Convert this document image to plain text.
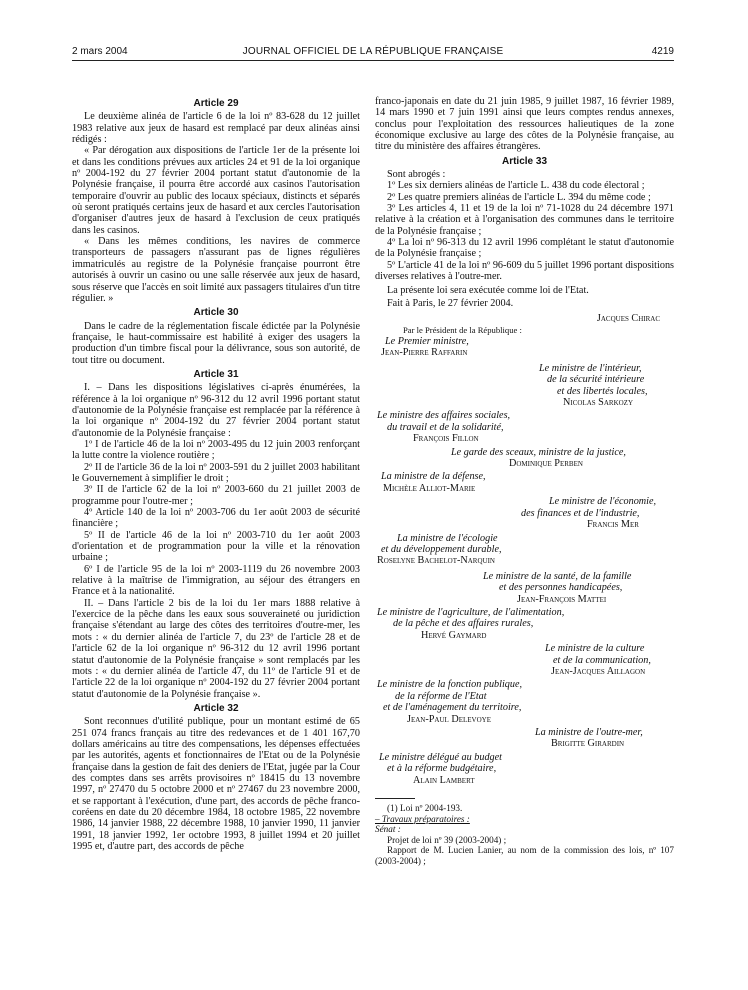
2 mars 2004	JOURNAL OFFICIEL DE LA RÉPUBLIQUE FRANÇAISE	4219
Article 29

Le deuxième alinéa de l'article 6 de la loi nº 83-628 du 12 juillet 1983 relative aux jeux de hasard est remplacé par deux alinéas ainsi rédigés :

« Par dérogation aux dispositions de l'article 1er de la présente loi et dans les conditions prévues aux articles 24 et 91 de la loi organique nº 2004-192 du 27 février 2004 portant statut d'autonomie de la Polynésie française, il pourra être accordé aux casinos l'autorisation temporaire d'ouvrir au public des locaux spéciaux, distincts et séparés où seront pratiqués certains jeux de hasard et aux cercles l'autorisation d'organiser d'autres jeux de hasard à l'exclusion de ceux pratiqués dans les casinos.

« Dans les mêmes conditions, les navires de commerce transporteurs de passagers n'assurant pas de lignes régulières immatriculés au registre de la Polynésie française pourront être autorisés à ouvrir un casino ou une salle réservée aux jeux de hasard, sous réserve que l'accès en soit limité aux passagers titulaires d'un titre régulier. »

Article 30

Dans le cadre de la réglementation fiscale édictée par la Polynésie française, le haut-commissaire est habilité à exiger des usagers la production d'un timbre fiscal pour la délivrance, sous son autorité, de tout titre ou document.

Article 31

I. – Dans les dispositions législatives ci-après énumérées, la référence à la loi organique nº 96-312 du 12 avril 1996 portant statut d'autonomie de la Polynésie française est remplacée par la référence à la loi organique nº 2004-192 du 27 février 2004 portant statut d'autonomie de la Polynésie française :

1º I de l'article 46 de la loi nº 2003-495 du 12 juin 2003 renforçant la lutte contre la violence routière ;

2º II de l'article 36 de la loi nº 2003-591 du 2 juillet 2003 habilitant le Gouvernement à simplifier le droit ;

3º II de l'article 62 de la loi nº 2003-660 du 21 juillet 2003 de programme pour l'outre-mer ;

4º Article 140 de la loi nº 2003-706 du 1er août 2003 de sécurité financière ;

5º II de l'article 46 de la loi nº 2003-710 du 1er août 2003 d'orientation et de programmation pour la ville et la rénovation urbaine ;

6º I de l'article 95 de la loi nº 2003-1119 du 26 novembre 2003 relative à la maîtrise de l'immigration, au séjour des étrangers en France et à la nationalité.

II. – Dans l'article 2 bis de la loi du 1er mars 1888 relative à l'exercice de la pêche dans les eaux sous souveraineté ou juridiction française s'étendant au large des côtes des territoires d'outre-mer, les mots : « du dernier alinéa de l'article 7, du 23º de l'article 28 et de l'article 62 de la loi organique nº 96-312 du 12 avril 1996 portant statut d'autonomie de la Polynésie française » sont remplacés par les mots : « du dernier alinéa de l'article 47, du 11º de l'article 91 et de l'article 22 de la loi organique nº 2004-192 du 27 février 2004 portant statut d'autonomie de la Polynésie française ».

Article 32

Sont reconnues d'utilité publique, pour un montant estimé de 65 251 074 francs français au titre des redevances et de 1 401 167,70 dollars américains au titre des compensations, les dépenses effectuées par les autorités, agents et fonctionnaires de l'Etat ou de la Polynésie française dans la gestion de fait des deniers de l'Etat, jugée par la Cour des comptes dans ses arrêts provisoires nº 18415 du 13 novembre 1997, nº 27470 du 5 octobre 2000 et nº 27467 du 23 novembre 2000, et se rapportant à l'exécution, d'une part, des accords de pêche franco-coréens en date du 20 décembre 1984, 18 octobre 1985, 22 novembre 1986, 14 janvier 1988, 22 décembre 1988, 10 janvier 1990, 11 janvier 1991, 18 janvier 1992, 1er octobre 1993, 8 juillet 1994 et 20 juillet 1995 et, d'autre part, des accords de pêche

franco-japonais en date du 21 juin 1985, 9 juillet 1987, 16 février 1989, 14 mars 1990 et 7 juin 1991 ainsi que leurs comptes rendus annexes, conclus pour l'exploitation des ressources halieutiques de la zone économique exclusive au large des côtes de la Polynésie française, au titre du ministère des affaires étrangères.

Article 33

Sont abrogés :

1º Les six derniers alinéas de l'article L. 438 du code électoral ;

2º Les quatre premiers alinéas de l'article L. 394 du même code ;

3º Les articles 4, 11 et 19 de la loi nº 71-1028 du 24 décembre 1971 relative à la création et à l'organisation des communes dans le territoire de la Polynésie française ;

4º La loi nº 96-313 du 12 avril 1996 complétant le statut d'autonomie de la Polynésie française ;

5º L'article 41 de la loi nº 96-609 du 5 juillet 1996 portant dispositions diverses relatives à l'outre-mer.

La présente loi sera exécutée comme loi de l'Etat.

Fait à Paris, le 27 février 2004.

Jacques Chirac
Par le Président de la République :
Le Premier ministre,
Jean-Pierre Raffarin
Le ministre de l'intérieur,
de la sécurité intérieure
et des libertés locales,
Nicolas Sarkozy
Le ministre des affaires sociales,
du travail et de la solidarité,
François Fillon
Le garde des sceaux, ministre de la justice,
Dominique Perben
La ministre de la défense,
Michèle Alliot-Marie
Le ministre de l'économie,
des finances et de l'industrie,
Francis Mer
La ministre de l'écologie
et du développement durable,
Roselyne Bachelot-Narquin
Le ministre de la santé, de la famille
et des personnes handicapées,
Jean-François Mattei
Le ministre de l'agriculture, de l'alimentation,
de la pêche et des affaires rurales,
Hervé Gaymard
Le ministre de la culture
et de la communication,
Jean-Jacques Aillagon
Le ministre de la fonction publique,
de la réforme de l'Etat
et de l'aménagement du territoire,
Jean-Paul Delevoye
La ministre de l'outre-mer,
Brigitte Girardin
Le ministre délégué au budget
et à la réforme budgétaire,
Alain Lambert
(1) Loi nº 2004-193.
– Travaux préparatoires :
Sénat :
Projet de loi nº 39 (2003-2004) ;
Rapport de M. Lucien Lanier, au nom de la commission des lois, nº 107 (2003-2004) ;
